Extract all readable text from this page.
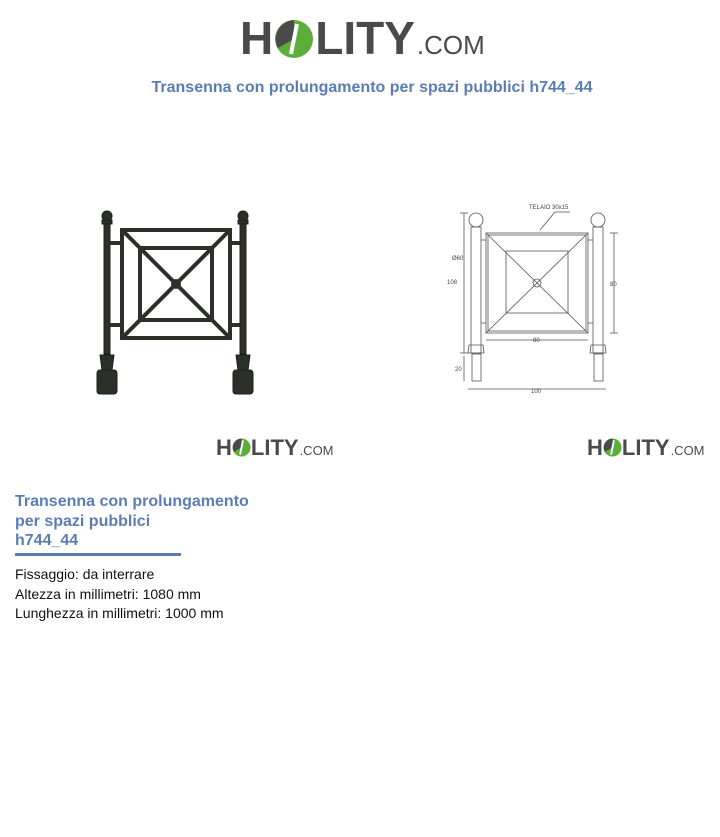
H LITY .COM
Transenna con prolungamento per spazi pubblici h744_44
TELAIO 30x15
Ø60
108	80
80
20
100
H LITY .COM	H LITY .COM
Transenna con prolungamento
per spazi pubblici
h744_44
Fissaggio: da interrare
Altezza in millimetri: 1080 mm
Lunghezza in millimetri: 1000 mm
